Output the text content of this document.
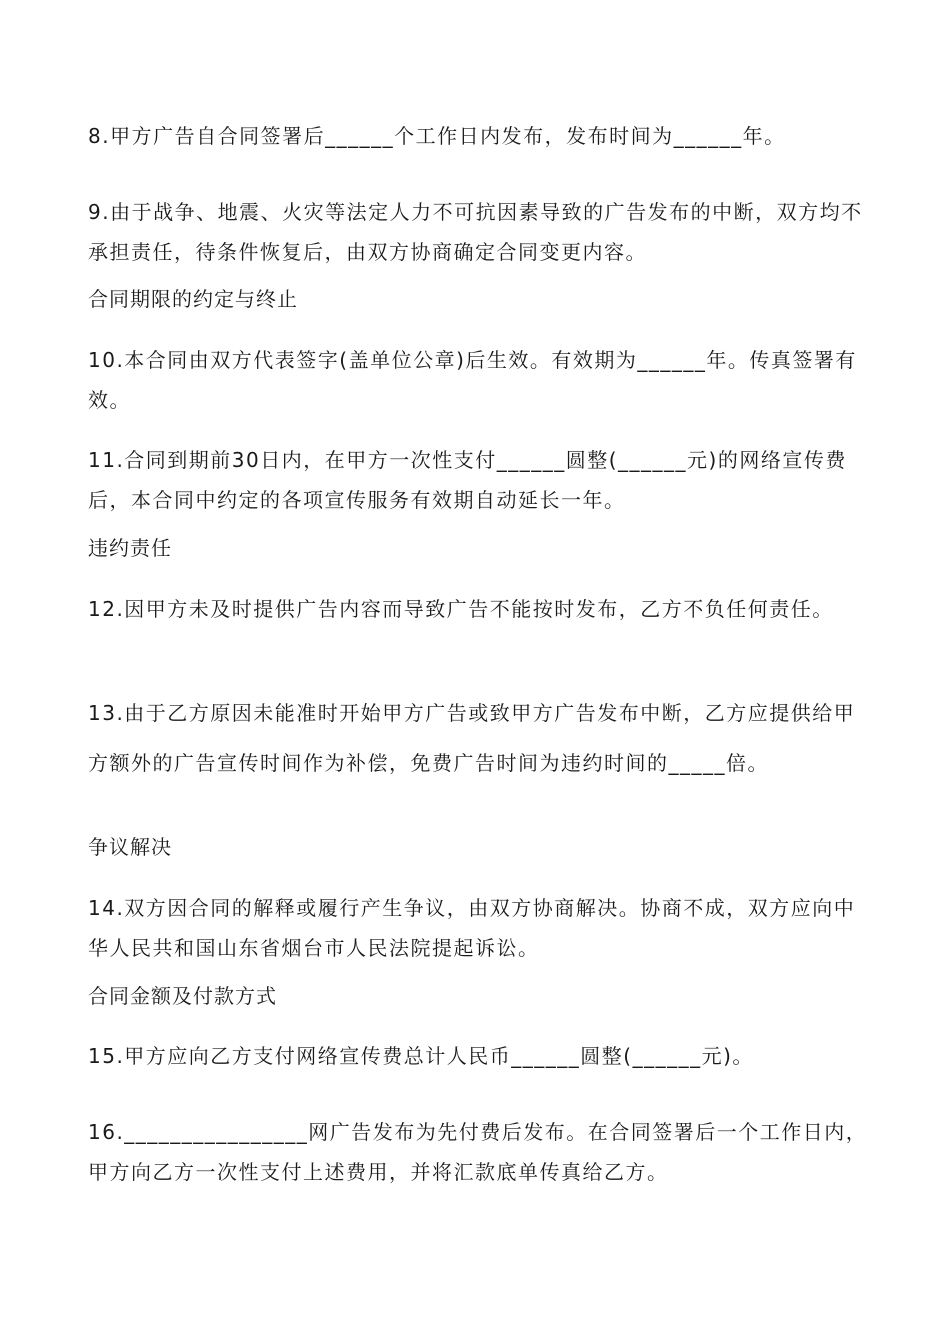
8.甲方广告自合同签署后______个工作日内发布，发布时间为______年。

9.由于战争、地震、火灾等法定人力不可抗因素导致的广告发布的中断，双方均不承担责任，待条件恢复后，由双方协商确定合同变更内容。

合同期限的约定与终止

10.本合同由双方代表签字(盖单位公章)后生效。有效期为______年。传真签署有效。

11.合同到期前30日内，在甲方一次性支付______圆整(______元)的网络宣传费后，本合同中约定的各项宣传服务有效期自动延长一年。

违约责任

12.因甲方未及时提供广告内容而导致广告不能按时发布，乙方不负任何责任。

13.由于乙方原因未能准时开始甲方广告或致甲方广告发布中断，乙方应提供给甲方额外的广告宣传时间作为补偿，免费广告时间为违约时间的_____倍。

争议解决

14.双方因合同的解释或履行产生争议，由双方协商解决。协商不成，双方应向中华人民共和国山东省烟台市人民法院提起诉讼。

合同金额及付款方式

15.甲方应向乙方支付网络宣传费总计人民币______圆整(______元)。

16.________________网广告发布为先付费后发布。在合同签署后一个工作日内，甲方向乙方一次性支付上述费用，并将汇款底单传真给乙方。
